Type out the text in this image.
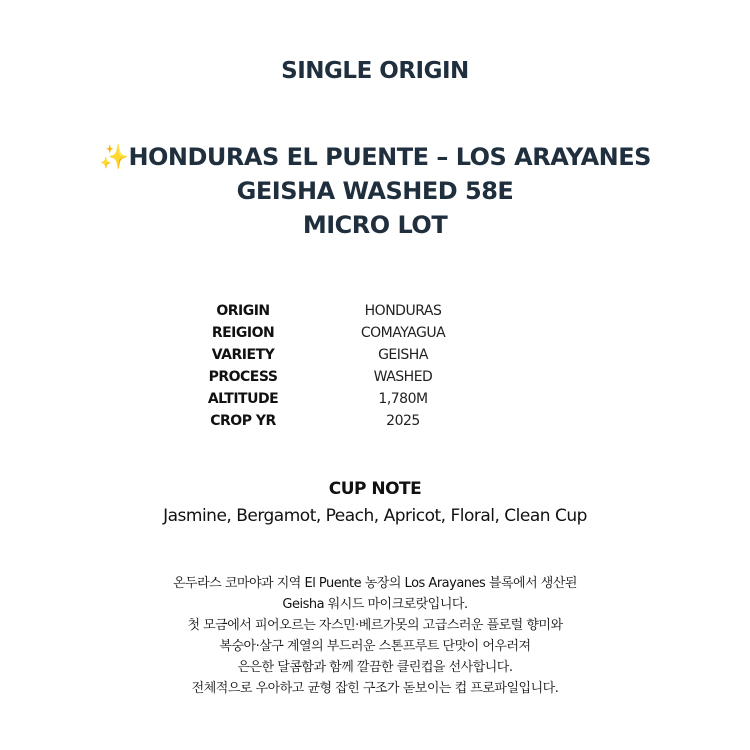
SINGLE ORIGIN
✨HONDURAS EL PUENTE – LOS ARAYANES
GEISHA WASHED 58E
MICRO LOT
ORIGIN	HONDURAS
REIGION	COMAYAGUA
VARIETY	GEISHA
PROCESS	WASHED
ALTITUDE	1,780M
CROP YR	2025
CUP NOTE
Jasmine, Bergamot, Peach, Apricot, Floral, Clean Cup
온두라스 코마야과 지역 El Puente 농장의 Los Arayanes 블록에서 생산된
Geisha 워시드 마이크로랏입니다.
첫 모금에서 피어오르는 자스민·베르가못의 고급스러운 플로럴 향미와
복숭아·살구 계열의 부드러운 스톤프루트 단맛이 어우러져
은은한 달콤함과 함께 깔끔한 클린컵을 선사합니다.
전체적으로 우아하고 균형 잡힌 구조가 돋보이는 컵 프로파일입니다.
